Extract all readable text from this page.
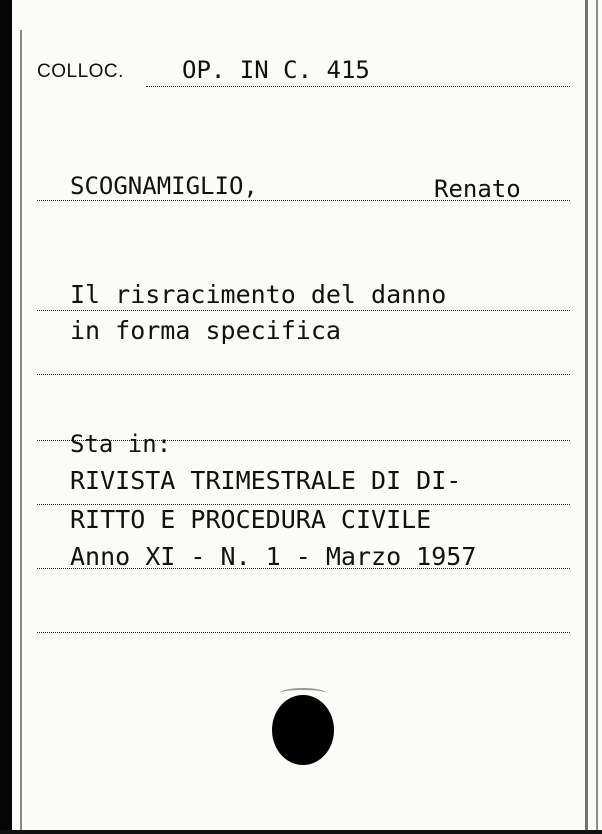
COLLOC. OP. IN C. 415
SCOGNAMIGLIO,	Renato
Il risracimento del danno
in forma specifica
Sta in:
RIVISTA TRIMESTRALE DI DI-
RITTO E PROCEDURA CIVILE
Anno XI - N. 1 - Marzo 1957
